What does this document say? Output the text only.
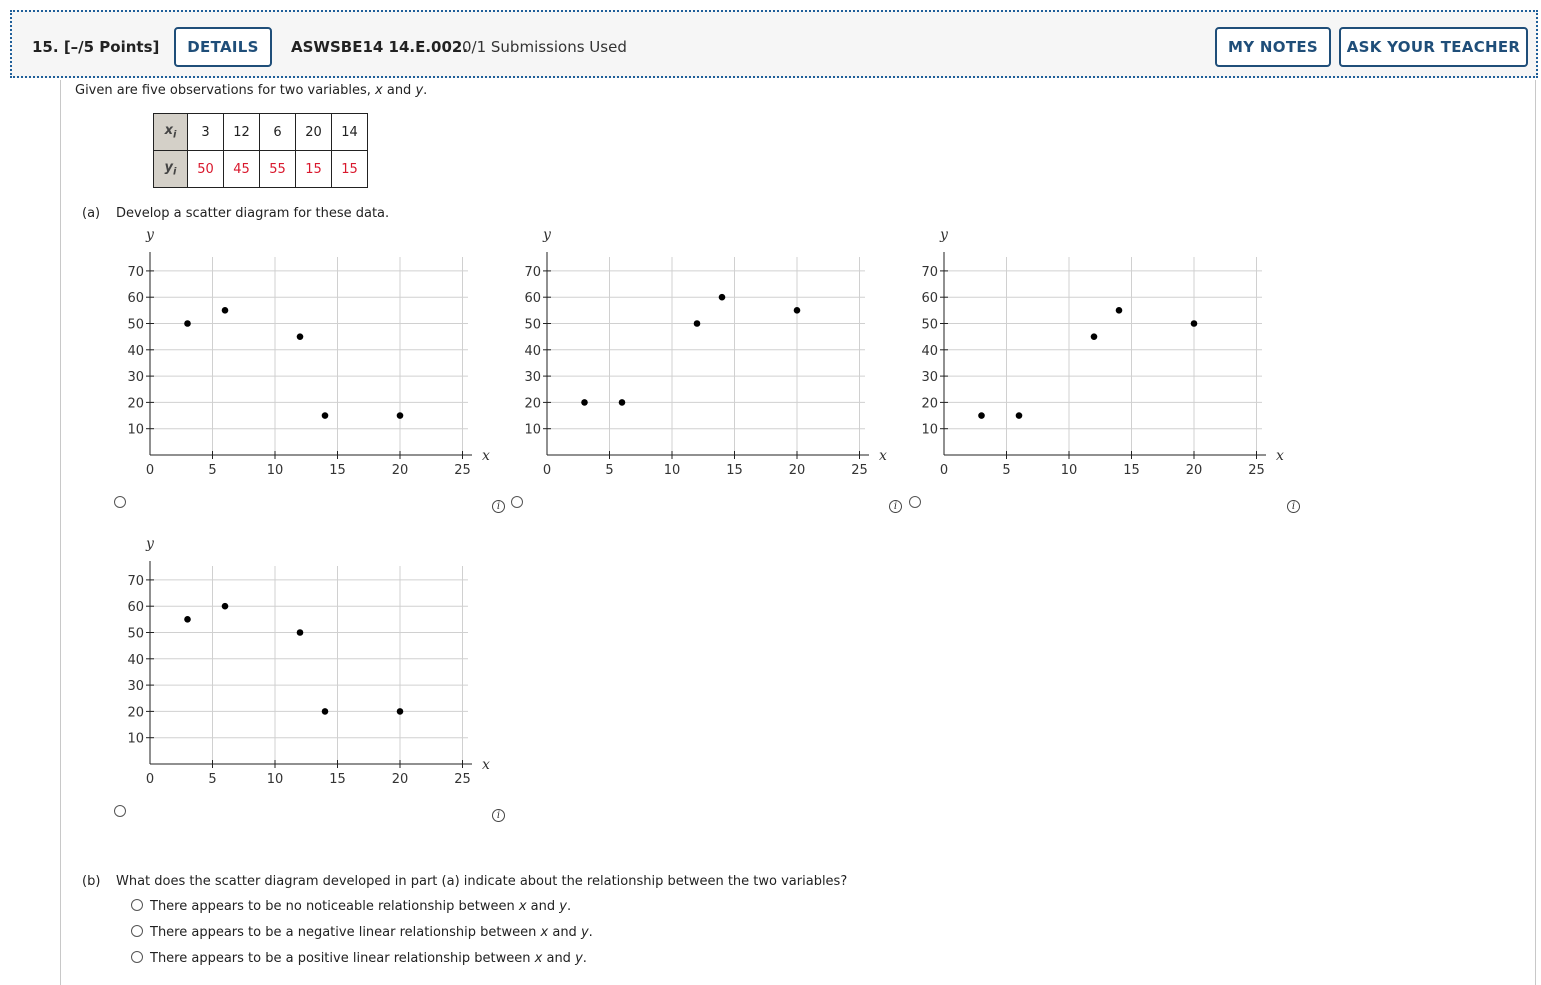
15. [–/5 Points]	DETAILS	ASWSBE14 14.E.002.
0/1 Submissions Used	MY NOTES	ASK YOUR TEACHER
Given are five observations for two variables, x and y.
$x_i$	3	12	6	20	14
$y_i$	50	45	55	15	15
(a) Develop a scatter diagram for these data.
10
20
30
40
50
60
70
0	5	10	15	20	25
y
x
10
20
30
40
50
60
70
0	5	10	15	20	25
y
x
10
20
30
40
50
60
70
0	5	10	15	20	25
y
x
10
20
30
40
50
60
70
0	5	10	15	20	25
y
x
i	i	i
i
(b) What does the scatter diagram developed in part (a) indicate about the relationship between the two variables?
There appears to be no noticeable relationship between x and y.
There appears to be a negative linear relationship between x and y.
There appears to be a positive linear relationship between x and y.
